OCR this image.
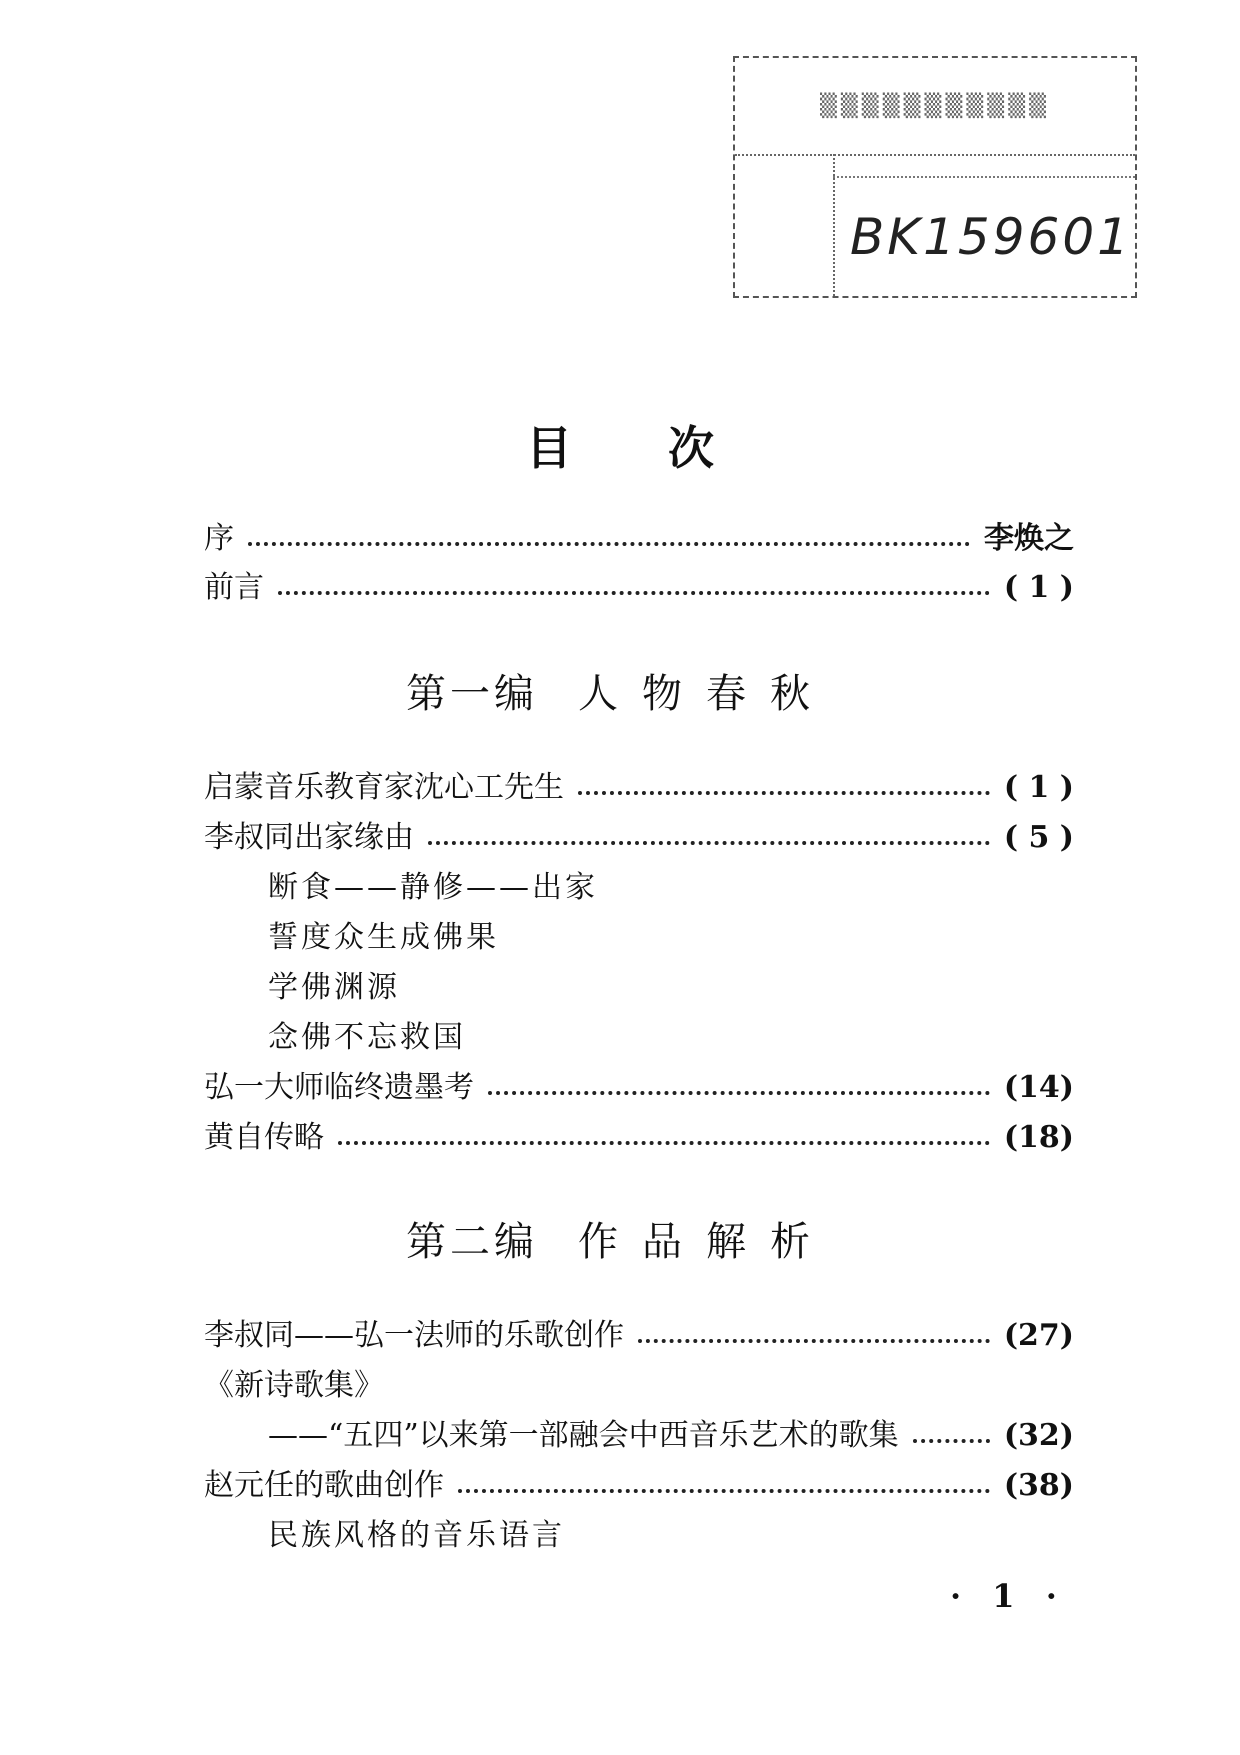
▒▒▒▒▒▒▒▒▒▒▒
BK159601
目 次
序	李焕之
前言	( 1 )
第一编 人物春秋
启蒙音乐教育家沈心工先生	( 1 )
李叔同出家缘由	( 5 )
断食——静修——出家
誓度众生成佛果
学佛渊源
念佛不忘救国
弘一大师临终遗墨考	(14)
黄自传略	(18)
第二编 作品解析
李叔同——弘一法师的乐歌创作	(27)
《新诗歌集》
——“五四”以来第一部融会中西音乐艺术的歌集	(32)
赵元任的歌曲创作	(38)
民族风格的音乐语言
· 1 ·
